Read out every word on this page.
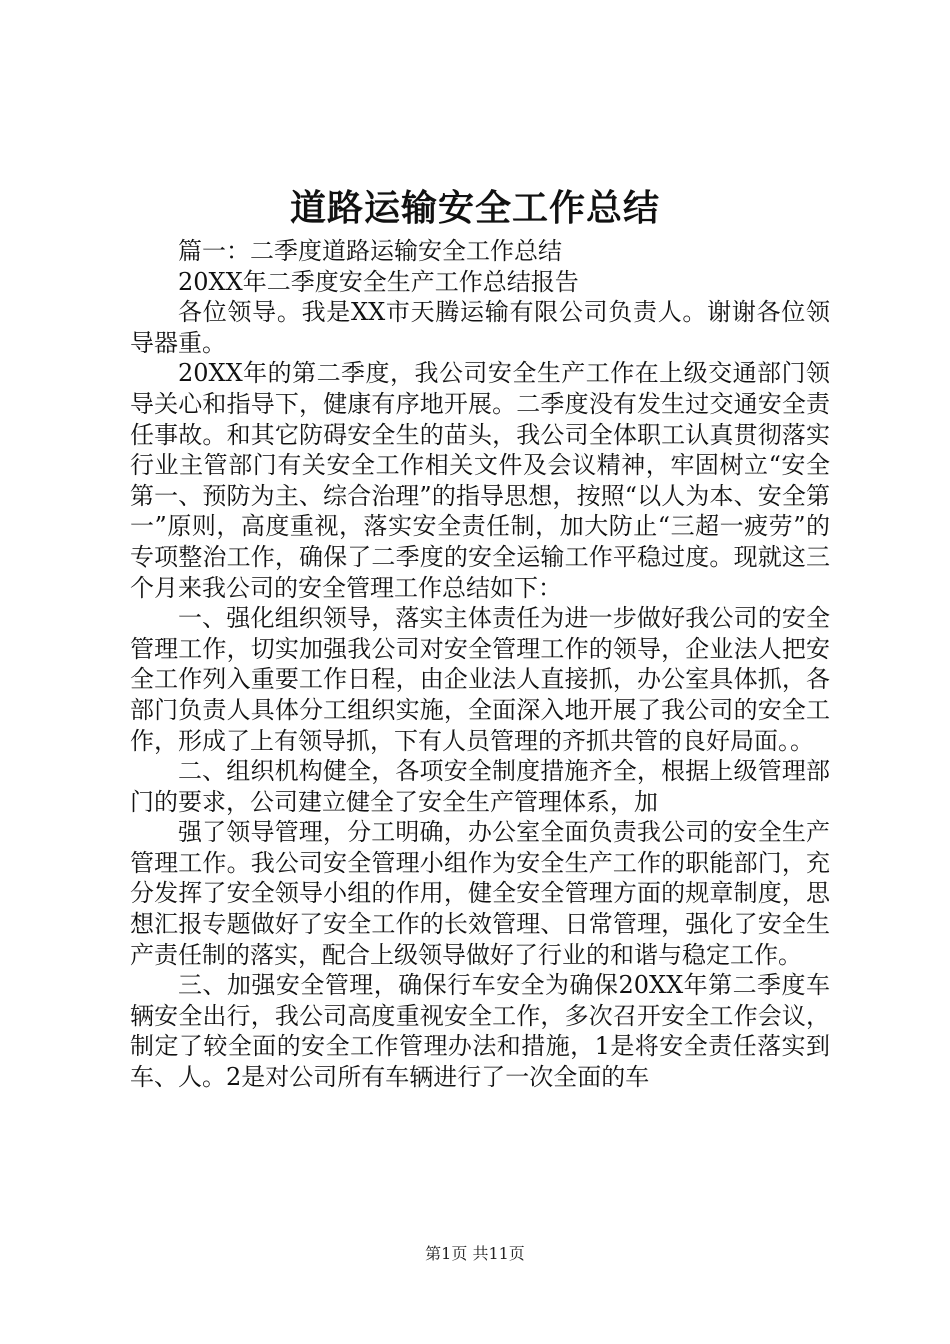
道路运输安全工作总结

篇一：二季度道路运输安全工作总结

20XX年二季度安全生产工作总结报告

各位领导。我是XX市天腾运输有限公司负责人。谢谢各位领导器重。

20XX年的第二季度，我公司安全生产工作在上级交通部门领导关心和指导下，健康有序地开展。二季度没有发生过交通安全责任事故。和其它防碍安全生的苗头，我公司全体职工认真贯彻落实行业主管部门有关安全工作相关文件及会议精神，牢固树立“安全第一、预防为主、综合治理”的指导思想，按照“以人为本、安全第一”原则，高度重视，落实安全责任制，加大防止“三超一疲劳”的专项整治工作，确保了二季度的安全运输工作平稳过度。现就这三个月来我公司的安全管理工作总结如下：

一、强化组织领导，落实主体责任为进一步做好我公司的安全管理工作，切实加强我公司对安全管理工作的领导，企业法人把安全工作列入重要工作日程，由企业法人直接抓，办公室具体抓，各部门负责人具体分工组织实施，全面深入地开展了我公司的安全工作，形成了上有领导抓，下有人员管理的齐抓共管的良好局面。。

二、组织机构健全，各项安全制度措施齐全，根据上级管理部门的要求，公司建立健全了安全生产管理体系，加

强了领导管理，分工明确，办公室全面负责我公司的安全生产管理工作。我公司安全管理小组作为安全生产工作的职能部门，充分发挥了安全领导小组的作用，健全安全管理方面的规章制度，思想汇报专题做好了安全工作的长效管理、日常管理，强化了安全生产责任制的落实，配合上级领导做好了行业的和谐与稳定工作。

三、加强安全管理，确保行车安全为确保20XX年第二季度车辆安全出行，我公司高度重视安全工作，多次召开安全工作会议，制定了较全面的安全工作管理办法和措施，1是将安全责任落实到车、人。2是对公司所有车辆进行了一次全面的车

第1页 共11页
